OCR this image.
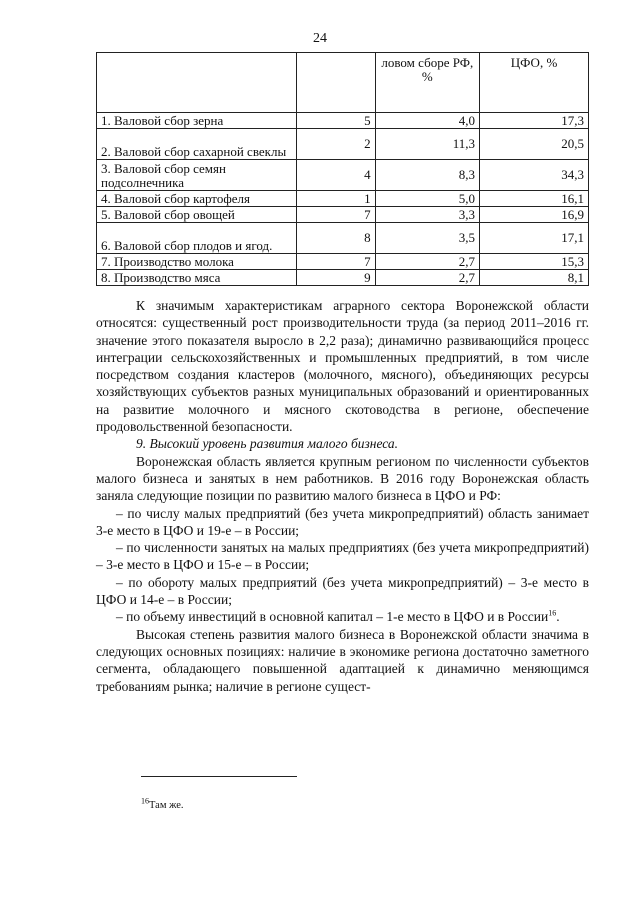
24
		ловом сборе РФ, %	ЦФО, %
1. Валовой сбор зерна	5	4,0	17,3
2. Валовой сбор сахарной свеклы	2	11,3	20,5
3. Валовой сбор семян подсолнечника	4	8,3	34,3
4. Валовой сбор картофеля	1	5,0	16,1
5. Валовой сбор овощей	7	3,3	16,9
6. Валовой сбор плодов и ягод.	8	3,5	17,1
7. Производство молока	7	2,7	15,3
8. Производство мяса	9	2,7	8,1

К значимым характеристикам аграрного сектора Воронежской области относятся: существенный рост производительности труда (за период 2011–2016 гг. значение этого показателя выросло в 2,2 раза); динамично развивающийся процесс интеграции сельскохозяйственных и промышленных предприятий, в том числе посредством создания кластеров (молочного, мясного), объединяющих ресурсы хозяйствующих субъектов разных муниципальных образований и ориентированных на развитие молочного и мясного скотоводства в регионе, обеспечение продовольственной безопасности.

9. Высокий уровень развития малого бизнеса.

Воронежская область является крупным регионом по численности субъектов малого бизнеса и занятых в нем работников. В 2016 году Воронежская область заняла следующие позиции по развитию малого бизнеса в ЦФО и РФ:

– по числу малых предприятий (без учета микропредприятий) область занимает 3-е место в ЦФО и 19-е – в России;

– по численности занятых на малых предприятиях (без учета микропредприятий) – 3-е место в ЦФО и 15-е – в России;

– по обороту малых предприятий (без учета микропредприятий) – 3-е место в ЦФО и 14-е – в России;

– по объему инвестиций в основной капитал – 1-е место в ЦФО и в России$^{16}$.

Высокая степень развития малого бизнеса в Воронежской области значима в следующих основных позициях: наличие в экономике региона достаточно заметного сегмента, обладающего повышенной адаптацией к динамично меняющимся требованиям рынка; наличие в регионе сущест-

$^{16}$Там же.
